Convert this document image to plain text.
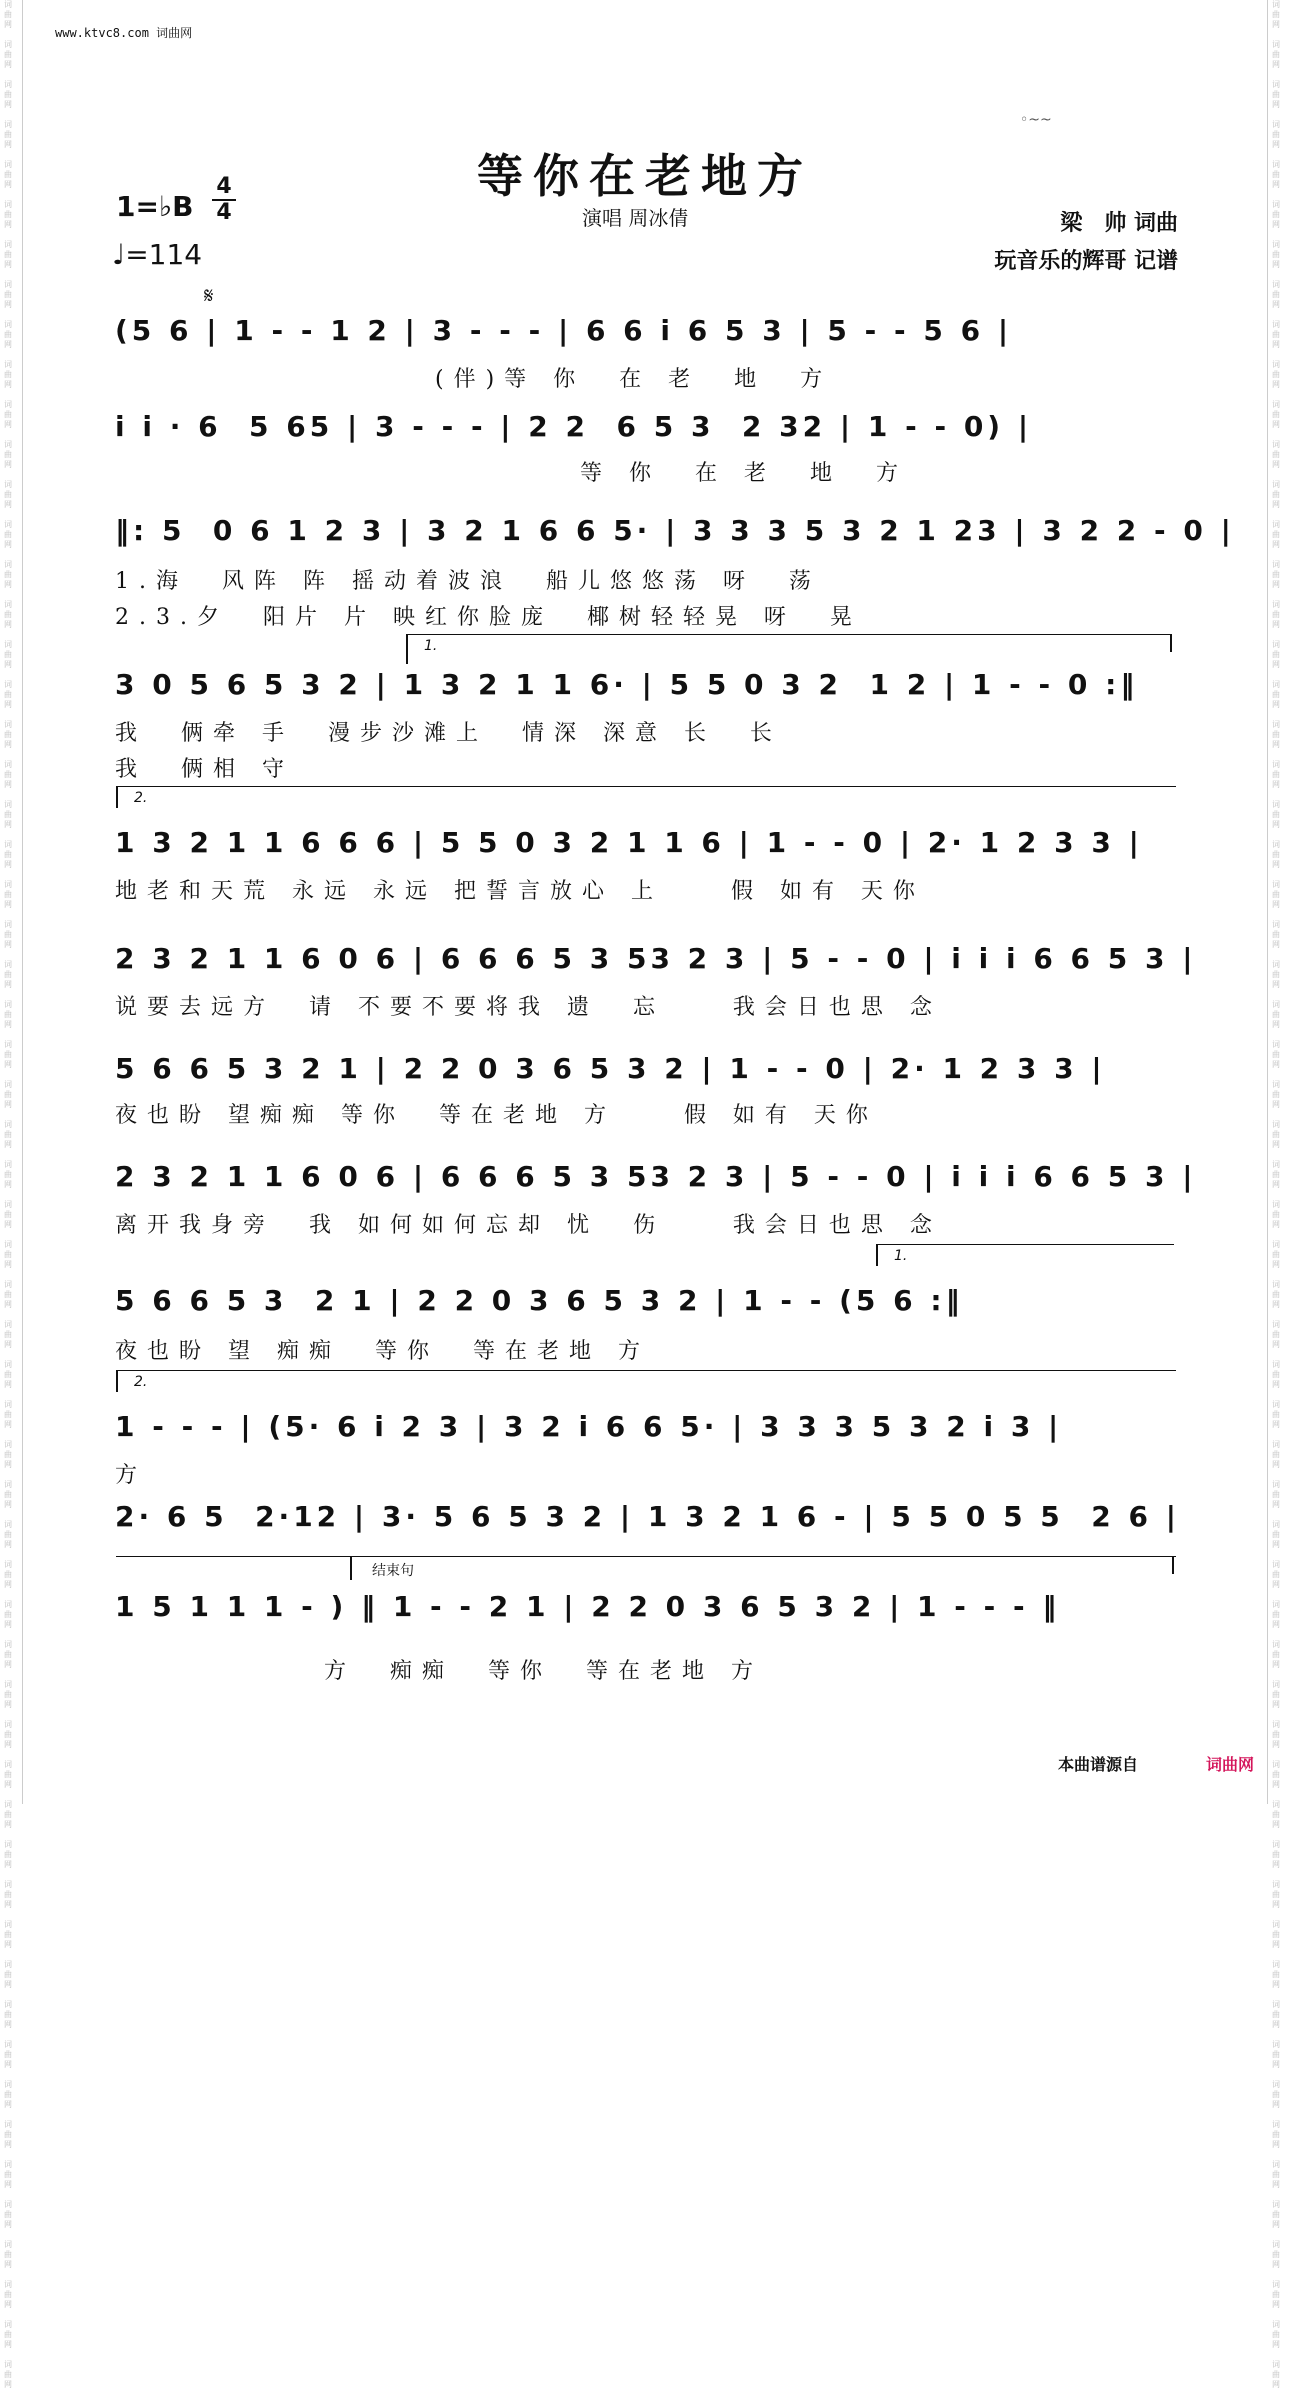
词
曲
网

词
曲
网

词
曲
网

词
曲
网

词
曲
网

词
曲
网

词
曲
网

词
曲
网

词
曲
网

词
曲
网

词
曲
网

词
曲
网

词
曲
网

词
曲
网

词
曲
网

词
曲
网

词
曲
网

词
曲
网

词
曲
网

词
曲
网

词
曲
网

词
曲
网

词
曲
网

词
曲
网

词
曲
网

词
曲
网

词
曲
网

词
曲
网

词
曲
网

词
曲
网

词
曲
网

词
曲
网

词
曲
网

词
曲
网

词
曲
网

词
曲
网

词
曲
网

词
曲
网

词
曲
网

词
曲
网

词
曲
网

词
曲
网

词
曲
网

词
曲
网

词
曲
网

词
曲
网

词
曲
网

词
曲
网

词
曲
网

词
曲
网

词
曲
网

词
曲
网

词
曲
网

词
曲
网

词
曲
网

词
曲
网

词
曲
网

词
曲
网

词
曲
网

词
曲
网

词
曲
网

词
曲
网

词
曲
网

词
曲
网

词
曲
网

词
曲
网

词
曲
网

词
曲
网

词
曲
网

词
曲
网

词
曲
网

词
曲
网

词
曲
网

词
曲
网

词
曲
网

词
曲
网

词
曲
网

词
曲
网

词
曲
网

词
曲
网

词
曲
网

词
曲
网

词
曲
网

词
曲
网

词
曲
网

词
曲
网

词
曲
网

词
曲
网

词
曲
网

词
曲
网

词
曲
网

词
曲
网

词
曲
网

词
曲
网

词
曲
网

词
曲
网

词
曲
网

词
曲
网

词
曲
网

词
曲
网

词
曲
网

词
曲
网

词
曲
网

词
曲
网

词
曲
网

词
曲
网

词
曲
网

词
曲
网

词
曲
网

词
曲
网

词
曲
网

词
曲
网

词
曲
网

词
曲
网

词
曲
网

词
曲
网

词
曲
网

词
曲
网

词
曲
网

词
曲
网

www.ktvc8.com 词曲网
◦~~
等你在老地方
1=♭B
4
4
♩=114
演唱 周冰倩	梁　帅 词曲
玩音乐的辉哥 记谱
𝄋
(5 6 | 1 - - 1 2 | 3 - - - | 6 6 i 6 5 3 | 5 - - 5 6 |
　　　　　　　　　　(伴)等 你  在 老  地  方
i i · 6  5 65 | 3 - - - | 2 2  6 5 3  2 32 | 1 - - 0) |
　　　　　　　　　　　　　　 等 你  在 老  地  方
‖: 5  0 6 1 2 3 | 3 2 1 6 6 5· | 3 3 3 5 3 2 1 23 | 3 2 2 - 0 |
1.海  风阵 阵 摇动着波浪  船儿悠悠荡 呀  荡
2.3.夕  阳片 片 映红你脸庞  椰树轻轻晃 呀  晃
1.
3 0 5 6 5 3 2 | 1 3 2 1 1 6· | 5 5 0 3 2  1 2 | 1 - - 0 :‖
我  俩牵 手  漫步沙滩上  情深 深意 长  长
我  俩相 守
2.
1 3 2 1 1 6 6 6 | 5 5 0 3 2 1 1 6 | 1 - - 0 | 2· 1 2 3 3 |
地老和天荒 永远 永远 把誓言放心 上    假 如有 天你
2 3 2 1 1 6 0 6 | 6 6 6 5 3 53 2 3 | 5 - - 0 | i i i 6 6 5 3 |
说要去远方  请 不要不要将我 遗  忘    我会日也思 念
5 6 6 5 3 2 1 | 2 2 0 3 6 5 3 2 | 1 - - 0 | 2· 1 2 3 3 |
夜也盼 望痴痴 等你  等在老地 方    假 如有 天你
2 3 2 1 1 6 0 6 | 6 6 6 5 3 53 2 3 | 5 - - 0 | i i i 6 6 5 3 |
离开我身旁  我 如何如何忘却 忧  伤    我会日也思 念
1.
5 6 6 5 3  2 1 | 2 2 0 3 6 5 3 2 | 1 - - (5 6 :‖
夜也盼 望 痴痴  等你  等在老地 方
2.
1 - - - | (5· 6 i 2 3 | 3 2 i 6 6 5· | 3 3 3 5 3 2 i 3 |
方
2· 6 5  2·12 | 3· 5 6 5 3 2 | 1 3 2 1 6 - | 5 5 0 5 5  2 6 |
结束句
1 5 1 1 1 - ) ‖ 1 - - 2 1 | 2 2 0 3 6 5 3 2 | 1 - - - ‖
　　　　　　 方  痴痴  等你  等在老地 方
本曲谱源自	词曲网
